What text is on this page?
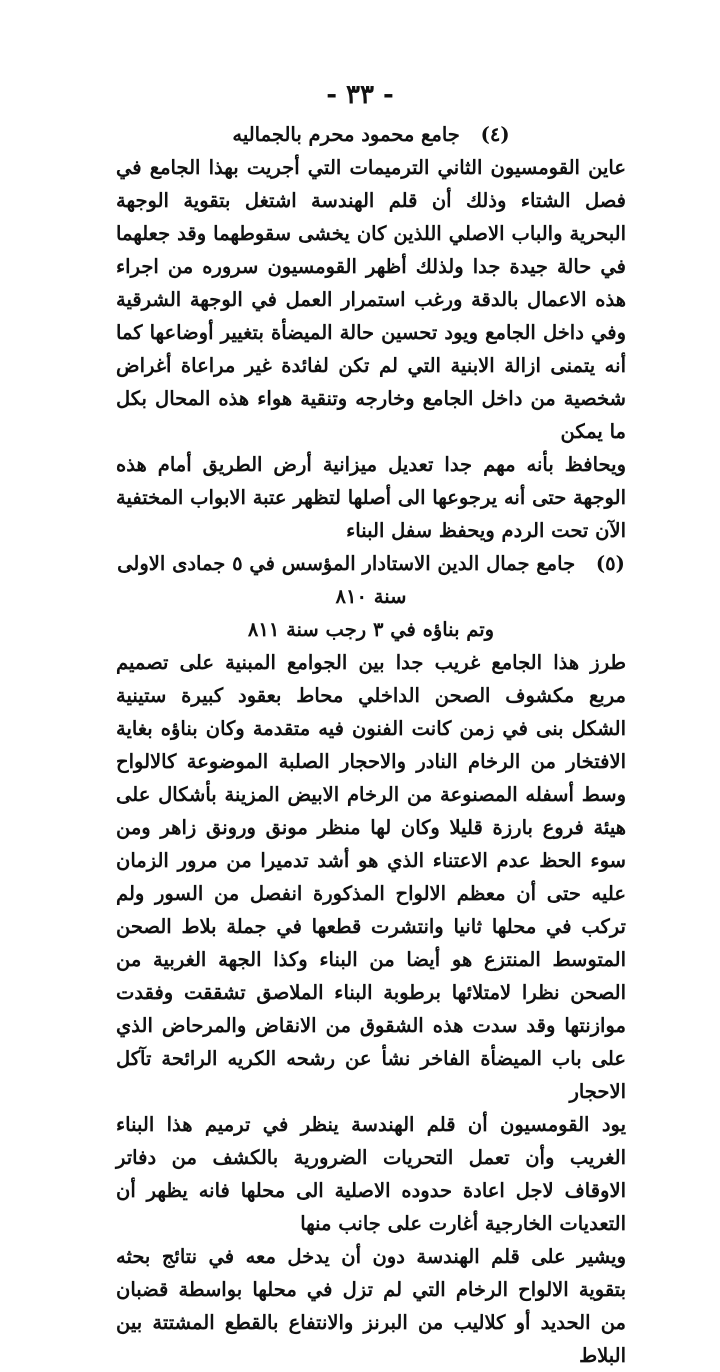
- ٣٣ -

(٤) جامع محمود محرم بالجماليه

عاين القومسيون الثاني الترميمات التي أجريت بهذا الجامع في فصل الشتاء وذلك أن قلم الهندسة اشتغل بتقوية الوجهة البحرية والباب الاصلي اللذين كان يخشى سقوطهما وقد جعلهما في حالة جيدة جدا ولذلك أظهر القومسيون سروره من اجراء هذه الاعمال بالدقة ورغب استمرار العمل في الوجهة الشرقية وفي داخل الجامع ويود تحسين حالة الميضأة بتغيير أوضاعها كما أنه يتمنى ازالة الابنية التي لم تكن لفائدة غير مراعاة أغراض شخصية من داخل الجامع وخارجه وتنقية هواء هذه المحال بكل ما يمكن

ويحافظ بأنه مهم جدا تعديل ميزانية أرض الطريق أمام هذه الوجهة حتى أنه يرجوعها الى أصلها لتظهر عتبة الابواب المختفية الآن تحت الردم ويحفظ سفل البناء

(٥) جامع جمال الدين الاستادار المؤسس في ٥ جمادى الاولى سنة ٨١٠

وتم بناؤه في ٣ رجب سنة ٨١١

طرز هذا الجامع غريب جدا بين الجوامع المبنية على تصميم مربع مكشوف الصحن الداخلي محاط بعقود كبيرة ستينية الشكل بنى في زمن كانت الفنون فيه متقدمة وكان بناؤه بغاية الافتخار من الرخام النادر والاحجار الصلبة الموضوعة كالالواح وسط أسفله المصنوعة من الرخام الابيض المزينة بأشكال على هيئة فروع بارزة قليلا وكان لها منظر مونق ورونق زاهر ومن سوء الحظ عدم الاعتناء الذي هو أشد تدميرا من مرور الزمان عليه حتى أن معظم الالواح المذكورة انفصل من السور ولم تركب في محلها ثانيا وانتشرت قطعها في جملة بلاط الصحن المتوسط المنتزع هو أيضا من البناء وكذا الجهة الغربية من الصحن نظرا لامتلائها برطوبة البناء الملاصق تشققت وفقدت موازنتها وقد سدت هذه الشقوق من الانقاض والمرحاض الذي على باب الميضأة الفاخر نشأ عن رشحه الكريه الرائحة تآكل الاحجار

يود القومسيون أن قلم الهندسة ينظر في ترميم هذا البناء الغريب وأن تعمل التحريات الضرورية بالكشف من دفاتر الاوقاف لاجل اعادة حدوده الاصلية الى محلها فانه يظهر أن التعديات الخارجية أغارت على جانب منها

ويشير على قلم الهندسة دون أن يدخل معه في نتائج بحثه بتقوية الالواح الرخام التي لم تزل في محلها بواسطة قضبان من الحديد أو كلاليب من البرنز والانتفاع بالقطع المشتتة بين البلاط
